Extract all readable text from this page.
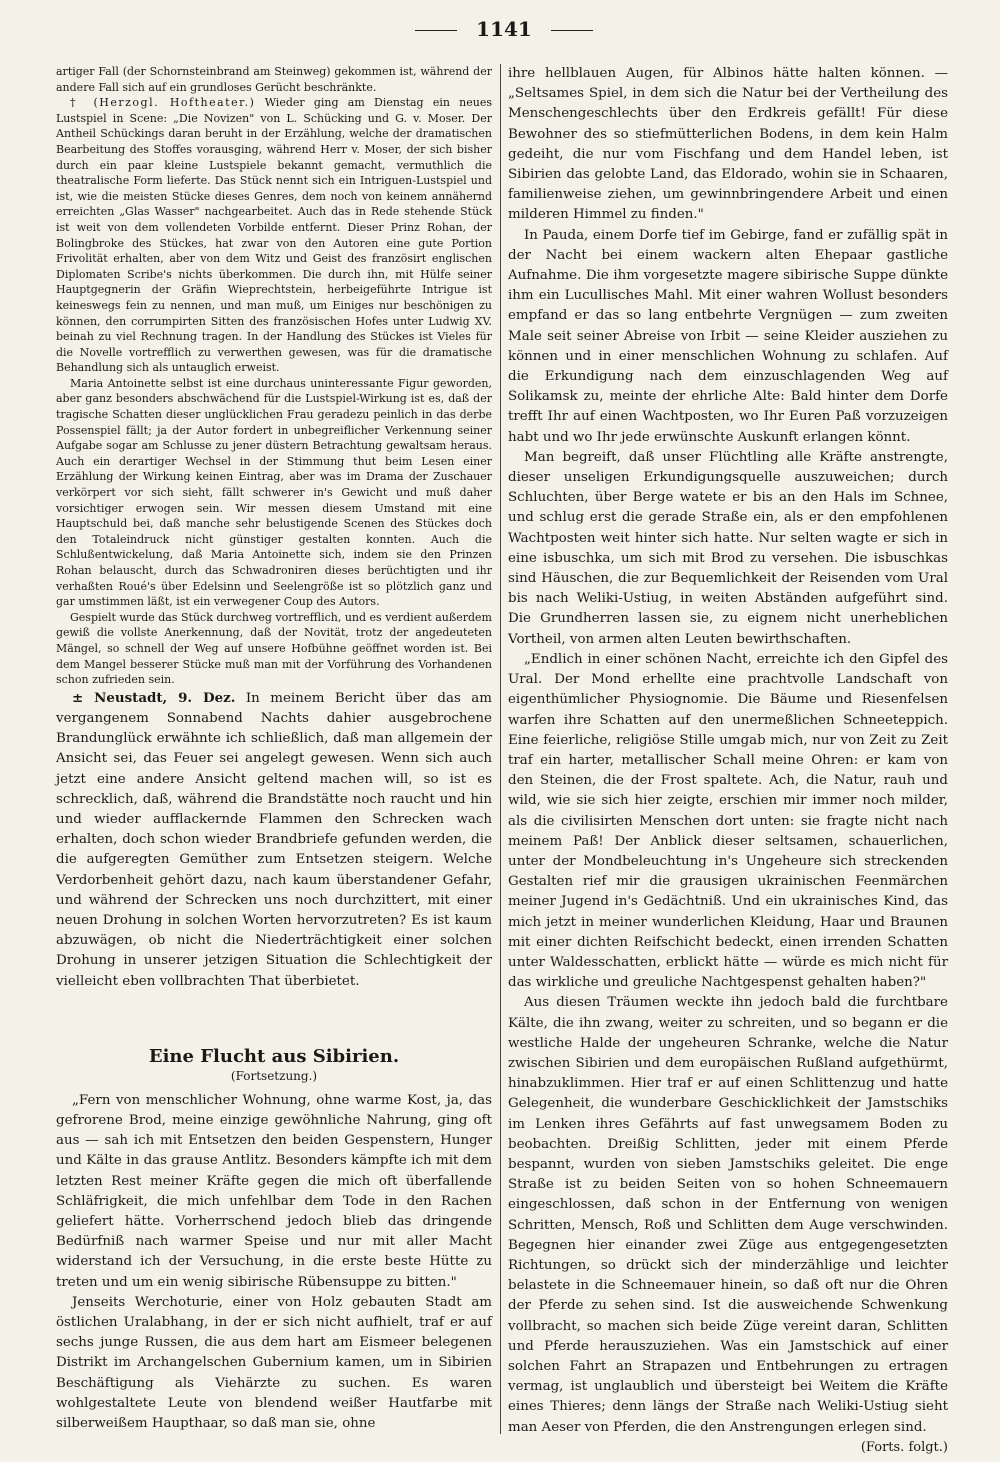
1141

artiger Fall (der Schornsteinbrand am Steinweg) gekommen ist, während der andere Fall sich auf ein grundloses Gerücht beschränkte.

† (Herzogl. Hoftheater.) Wieder ging am Dienstag ein neues Lustspiel in Scene: „Die Novizen" von L. Schücking und G. v. Moser. Der Antheil Schückings daran beruht in der Erzählung, welche der dramatischen Bearbeitung des Stoffes vorausging, während Herr v. Moser, der sich bisher durch ein paar kleine Lustspiele bekannt gemacht, vermuthlich die theatralische Form lieferte. Das Stück nennt sich ein Intriguen-Lustspiel und ist, wie die meisten Stücke dieses Genres, dem noch von keinem annähernd erreichten „Glas Wasser" nachgearbeitet. Auch das in Rede stehende Stück ist weit von dem vollendeten Vorbilde entfernt. Dieser Prinz Rohan, der Bolingbroke des Stückes, hat zwar von den Autoren eine gute Portion Frivolität erhalten, aber von dem Witz und Geist des französirt englischen Diplomaten Scribe's nichts überkommen. Die durch ihn, mit Hülfe seiner Hauptgegnerin der Gräfin Wieprechtstein, herbeigeführte Intrigue ist keineswegs fein zu nennen, und man muß, um Einiges nur beschönigen zu können, den corrumpirten Sitten des französischen Hofes unter Ludwig XV. beinah zu viel Rechnung tragen. In der Handlung des Stückes ist Vieles für die Novelle vortrefflich zu verwerthen gewesen, was für die dramatische Behandlung sich als untauglich erweist.

Maria Antoinette selbst ist eine durchaus uninteressante Figur geworden, aber ganz besonders abschwächend für die Lustspiel-Wirkung ist es, daß der tragische Schatten dieser unglücklichen Frau geradezu peinlich in das derbe Possenspiel fällt; ja der Autor fordert in unbegreiflicher Verkennung seiner Aufgabe sogar am Schlusse zu jener düstern Betrachtung gewaltsam heraus. Auch ein derartiger Wechsel in der Stimmung thut beim Lesen einer Erzählung der Wirkung keinen Eintrag, aber was im Drama der Zuschauer verkörpert vor sich sieht, fällt schwerer in's Gewicht und muß daher vorsichtiger erwogen sein. Wir messen diesem Umstand mit eine Hauptschuld bei, daß manche sehr belustigende Scenen des Stückes doch den Totaleindruck nicht günstiger gestalten konnten. Auch die Schlußentwickelung, daß Maria Antoinette sich, indem sie den Prinzen Rohan belauscht, durch das Schwadroniren dieses berüchtigten und ihr verhaßten Roué's über Edelsinn und Seelengröße ist so plötzlich ganz und gar umstimmen läßt, ist ein verwegener Coup des Autors.

Gespielt wurde das Stück durchweg vortrefflich, und es verdient außerdem gewiß die vollste Anerkennung, daß der Novität, trotz der angedeuteten Mängel, so schnell der Weg auf unsere Hofbühne geöffnet worden ist. Bei dem Mangel besserer Stücke muß man mit der Vorführung des Vorhandenen schon zufrieden sein.

± Neustadt, 9. Dez. In meinem Bericht über das am vergangenem Sonnabend Nachts dahier ausgebrochene Brandunglück erwähnte ich schließlich, daß man allgemein der Ansicht sei, das Feuer sei angelegt gewesen. Wenn sich auch jetzt eine andere Ansicht geltend machen will, so ist es schrecklich, daß, während die Brandstätte noch raucht und hin und wieder aufflackernde Flammen den Schrecken wach erhalten, doch schon wieder Brandbriefe gefunden werden, die die aufgeregten Gemüther zum Entsetzen steigern. Welche Verdorbenheit gehört dazu, nach kaum überstandener Gefahr, und während der Schrecken uns noch durchzittert, mit einer neuen Drohung in solchen Worten hervorzutreten? Es ist kaum abzuwägen, ob nicht die Niederträchtigkeit einer solchen Drohung in unserer jetzigen Situation die Schlechtigkeit der vielleicht eben vollbrachten That überbietet.

Eine Flucht aus Sibirien.
(Fortsetzung.)

„Fern von menschlicher Wohnung, ohne warme Kost, ja, das gefrorene Brod, meine einzige gewöhnliche Nahrung, ging oft aus — sah ich mit Entsetzen den beiden Gespenstern, Hunger und Kälte in das grause Antlitz. Besonders kämpfte ich mit dem letzten Rest meiner Kräfte gegen die mich oft überfallende Schläfrigkeit, die mich unfehlbar dem Tode in den Rachen geliefert hätte. Vorherrschend jedoch blieb das dringende Bedürfniß nach warmer Speise und nur mit aller Macht widerstand ich der Versuchung, in die erste beste Hütte zu treten und um ein wenig sibirische Rübensuppe zu bitten."

Jenseits Werchoturie, einer von Holz gebauten Stadt am östlichen Uralabhang, in der er sich nicht aufhielt, traf er auf sechs junge Russen, die aus dem hart am Eismeer belegenen Distrikt im Archangelschen Gubernium kamen, um in Sibirien Beschäftigung als Viehärzte zu suchen. Es waren wohlgestaltete Leute von blendend weißer Hautfarbe mit silberweißem Haupthaar, so daß man sie, ohne

ihre hellblauen Augen, für Albinos hätte halten können. — „Seltsames Spiel, in dem sich die Natur bei der Vertheilung des Menschengeschlechts über den Erdkreis gefällt! Für diese Bewohner des so stiefmütterlichen Bodens, in dem kein Halm gedeiht, die nur vom Fischfang und dem Handel leben, ist Sibirien das gelobte Land, das Eldorado, wohin sie in Schaaren, familienweise ziehen, um gewinnbringendere Arbeit und einen milderen Himmel zu finden."

In Pauda, einem Dorfe tief im Gebirge, fand er zufällig spät in der Nacht bei einem wackern alten Ehepaar gastliche Aufnahme. Die ihm vorgesetzte magere sibirische Suppe dünkte ihm ein Lucullisches Mahl. Mit einer wahren Wollust besonders empfand er das so lang entbehrte Vergnügen — zum zweiten Male seit seiner Abreise von Irbit — seine Kleider ausziehen zu können und in einer menschlichen Wohnung zu schlafen. Auf die Erkundigung nach dem einzuschlagenden Weg auf Solikamsk zu, meinte der ehrliche Alte: Bald hinter dem Dorfe trefft Ihr auf einen Wachtposten, wo Ihr Euren Paß vorzuzeigen habt und wo Ihr jede erwünschte Auskunft erlangen könnt.

Man begreift, daß unser Flüchtling alle Kräfte anstrengte, dieser unseligen Erkundigungsquelle auszuweichen; durch Schluchten, über Berge watete er bis an den Hals im Schnee, und schlug erst die gerade Straße ein, als er den empfohlenen Wachtposten weit hinter sich hatte. Nur selten wagte er sich in eine isbuschka, um sich mit Brod zu versehen. Die isbuschkas sind Häuschen, die zur Bequemlichkeit der Reisenden vom Ural bis nach Weliki-Ustiug, in weiten Abständen aufgeführt sind. Die Grundherren lassen sie, zu eignem nicht unerheblichen Vortheil, von armen alten Leuten bewirthschaften.

„Endlich in einer schönen Nacht, erreichte ich den Gipfel des Ural. Der Mond erhellte eine prachtvolle Landschaft von eigenthümlicher Physiognomie. Die Bäume und Riesenfelsen warfen ihre Schatten auf den unermeßlichen Schneeteppich. Eine feierliche, religiöse Stille umgab mich, nur von Zeit zu Zeit traf ein harter, metallischer Schall meine Ohren: er kam von den Steinen, die der Frost spaltete. Ach, die Natur, rauh und wild, wie sie sich hier zeigte, erschien mir immer noch milder, als die civilisirten Menschen dort unten: sie fragte nicht nach meinem Paß! Der Anblick dieser seltsamen, schauerlichen, unter der Mondbeleuchtung in's Ungeheure sich streckenden Gestalten rief mir die grausigen ukrainischen Feenmärchen meiner Jugend in's Gedächtniß. Und ein ukrainisches Kind, das mich jetzt in meiner wunderlichen Kleidung, Haar und Braunen mit einer dichten Reifschicht bedeckt, einen irrenden Schatten unter Waldesschatten, erblickt hätte — würde es mich nicht für das wirkliche und greuliche Nachtgespenst gehalten haben?"

Aus diesen Träumen weckte ihn jedoch bald die furchtbare Kälte, die ihn zwang, weiter zu schreiten, und so begann er die westliche Halde der ungeheuren Schranke, welche die Natur zwischen Sibirien und dem europäischen Rußland aufgethürmt, hinabzuklimmen. Hier traf er auf einen Schlittenzug und hatte Gelegenheit, die wunderbare Geschicklichkeit der Jamstschiks im Lenken ihres Gefährts auf fast unwegsamem Boden zu beobachten. Dreißig Schlitten, jeder mit einem Pferde bespannt, wurden von sieben Jamstschiks geleitet. Die enge Straße ist zu beiden Seiten von so hohen Schneemauern eingeschlossen, daß schon in der Entfernung von wenigen Schritten, Mensch, Roß und Schlitten dem Auge verschwinden. Begegnen hier einander zwei Züge aus entgegengesetzten Richtungen, so drückt sich der minderzählige und leichter belastete in die Schneemauer hinein, so daß oft nur die Ohren der Pferde zu sehen sind. Ist die ausweichende Schwenkung vollbracht, so machen sich beide Züge vereint daran, Schlitten und Pferde herauszuziehen. Was ein Jamstschick auf einer solchen Fahrt an Strapazen und Entbehrungen zu ertragen vermag, ist unglaublich und übersteigt bei Weitem die Kräfte eines Thieres; denn längs der Straße nach Weliki-Ustiug sieht man Aeser von Pferden, die den Anstrengungen erlegen sind.

(Forts. folgt.)
